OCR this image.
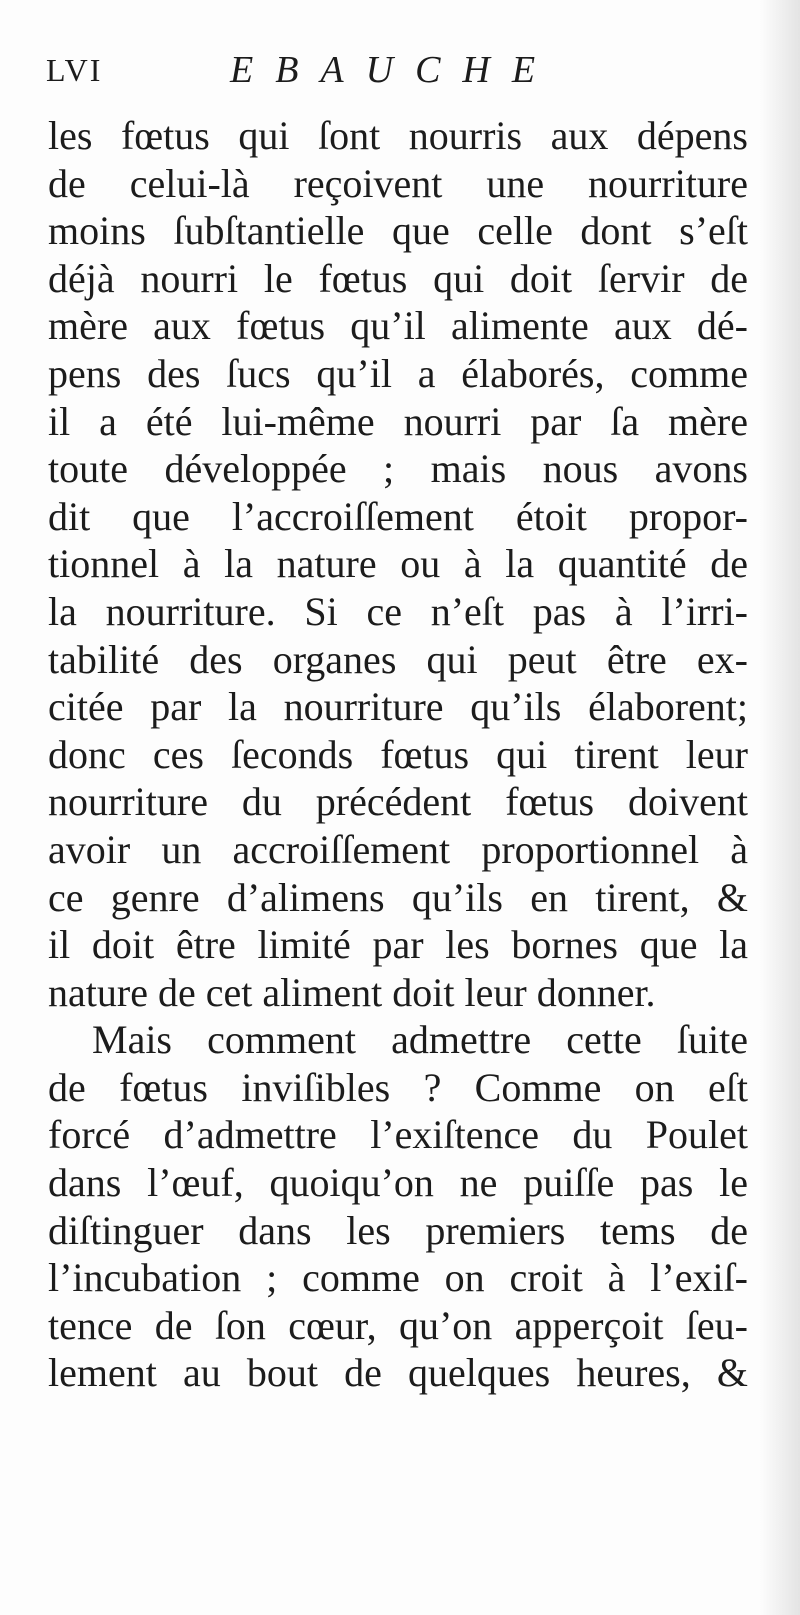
LVI	EBAUCHE
les fœtus qui ſont nourris aux dépens
de celui-là reçoivent une nourriture
moins ſubſtantielle que celle dont s’eſt
déjà nourri le fœtus qui doit ſervir de
mère aux fœtus qu’il alimente aux dé-
pens des ſucs qu’il a élaborés, comme
il a été lui-même nourri par ſa mère
toute développée ; mais nous avons
dit que l’accroiſſement étoit propor-
tionnel à la nature ou à la quantité de
la nourriture. Si ce n’eſt pas à l’irri-
tabilité des organes qui peut être ex-
citée par la nourriture qu’ils élaborent;
donc ces ſeconds fœtus qui tirent leur
nourriture du précédent fœtus doivent
avoir un accroiſſement proportionnel à
ce genre d’alimens qu’ils en tirent, &
il doit être limité par les bornes que la
nature de cet aliment doit leur donner.
Mais comment admettre cette ſuite
de fœtus inviſibles ? Comme on eſt
forcé d’admettre l’exiſtence du Poulet
dans l’œuf, quoiqu’on ne puiſſe pas le
diſtinguer dans les premiers tems de
l’incubation ; comme on croit à l’exiſ-
tence de ſon cœur, qu’on apperçoit ſeu-
lement au bout de quelques heures, &
